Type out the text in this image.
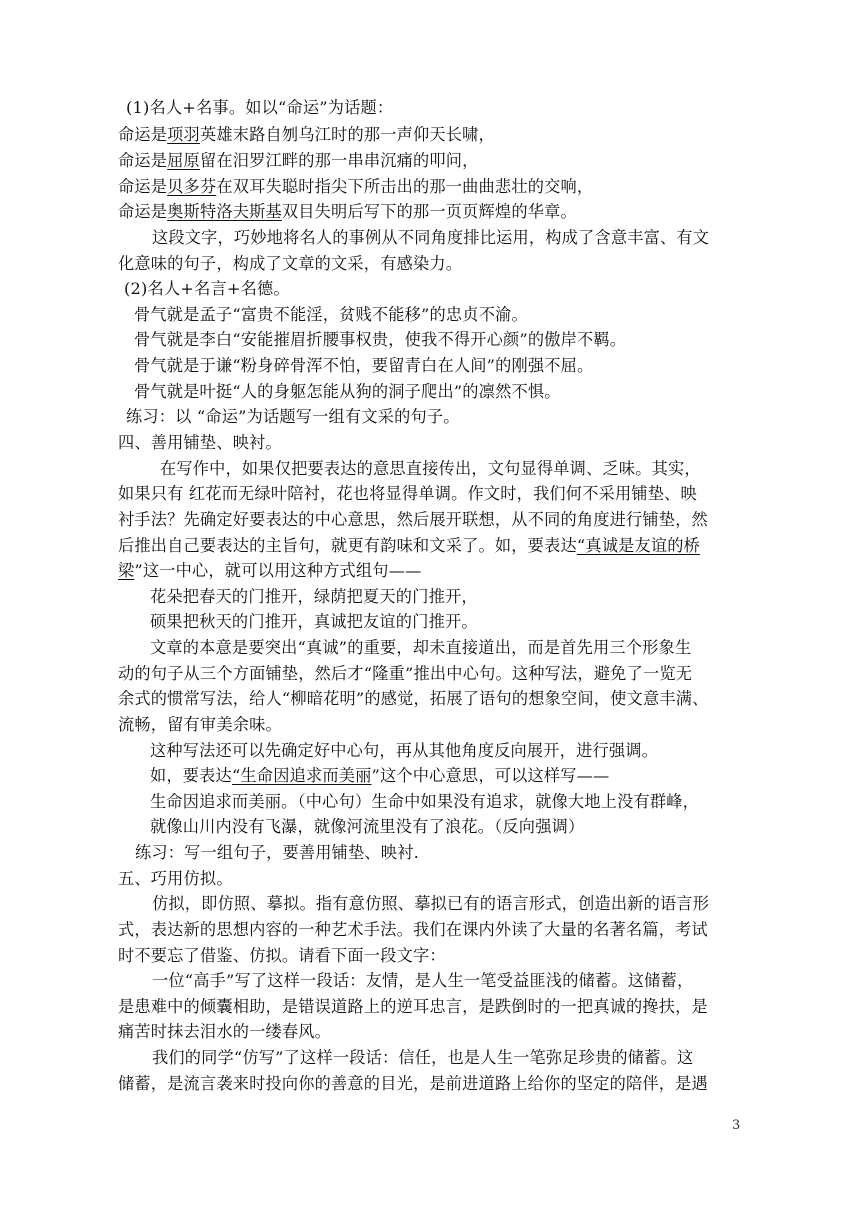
(1)名人+名事。如以“命运”为话题：
命运是项羽英雄末路自刎乌江时的那一声仰天长啸，
命运是屈原留在汨罗江畔的那一串串沉痛的叩问，
命运是贝多芬在双耳失聪时指尖下所击出的那一曲曲悲壮的交响，
命运是奥斯特洛夫斯基双目失明后写下的那一页页辉煌的华章。
这段文字，巧妙地将名人的事例从不同角度排比运用，构成了含意丰富、有文
化意味的句子，构成了文章的文采，有感染力。
(2)名人+名言+名德。
骨气就是孟子“富贵不能淫，贫贱不能移”的忠贞不渝。
骨气就是李白“安能摧眉折腰事权贵，使我不得开心颜”的傲岸不羁。
骨气就是于谦“粉身碎骨浑不怕，要留青白在人间”的刚强不屈。
骨气就是叶挺“人的身躯怎能从狗的洞子爬出”的凛然不惧。
练习：以 “命运”为话题写一组有文采的句子。
四、善用铺垫、映衬。
在写作中，如果仅把要表达的意思直接传出，文句显得单调、乏味。其实，
如果只有 红花而无绿叶陪衬，花也将显得单调。作文时，我们何不采用铺垫、映
衬手法？先确定好要表达的中心意思，然后展开联想，从不同的角度进行铺垫，然
后推出自己要表达的主旨句，就更有韵味和文采了。如，要表达“真诚是友谊的桥
梁”这一中心，就可以用这种方式组句——
花朵把春天的门推开，绿荫把夏天的门推开，
硕果把秋天的门推开，真诚把友谊的门推开。
文章的本意是要突出“真诚”的重要，却未直接道出，而是首先用三个形象生
动的句子从三个方面铺垫，然后才“隆重”推出中心句。这种写法，避免了一览无
余式的惯常写法，给人“柳暗花明”的感觉，拓展了语句的想象空间，使文意丰满、
流畅，留有审美余味。
这种写法还可以先确定好中心句，再从其他角度反向展开，进行强调。
如，要表达“生命因追求而美丽”这个中心意思，可以这样写——
生命因追求而美丽。（中心句）生命中如果没有追求，就像大地上没有群峰，
就像山川内没有飞瀑，就像河流里没有了浪花。（反向强调）
练习：写一组句子，要善用铺垫、映衬.
五、巧用仿拟。
仿拟，即仿照、摹拟。指有意仿照、摹拟已有的语言形式，创造出新的语言形
式，表达新的思想内容的一种艺术手法。我们在课内外读了大量的名著名篇，考试
时不要忘了借鉴、仿拟。请看下面一段文字：
一位“高手”写了这样一段话：友情，是人生一笔受益匪浅的储蓄。这储蓄，
是患难中的倾囊相助，是错误道路上的逆耳忠言，是跌倒时的一把真诚的搀扶，是
痛苦时抹去泪水的一缕春风。
我们的同学“仿写”了这样一段话：信任，也是人生一笔弥足珍贵的储蓄。这
储蓄，是流言袭来时投向你的善意的目光，是前进道路上给你的坚定的陪伴，是遇
3
